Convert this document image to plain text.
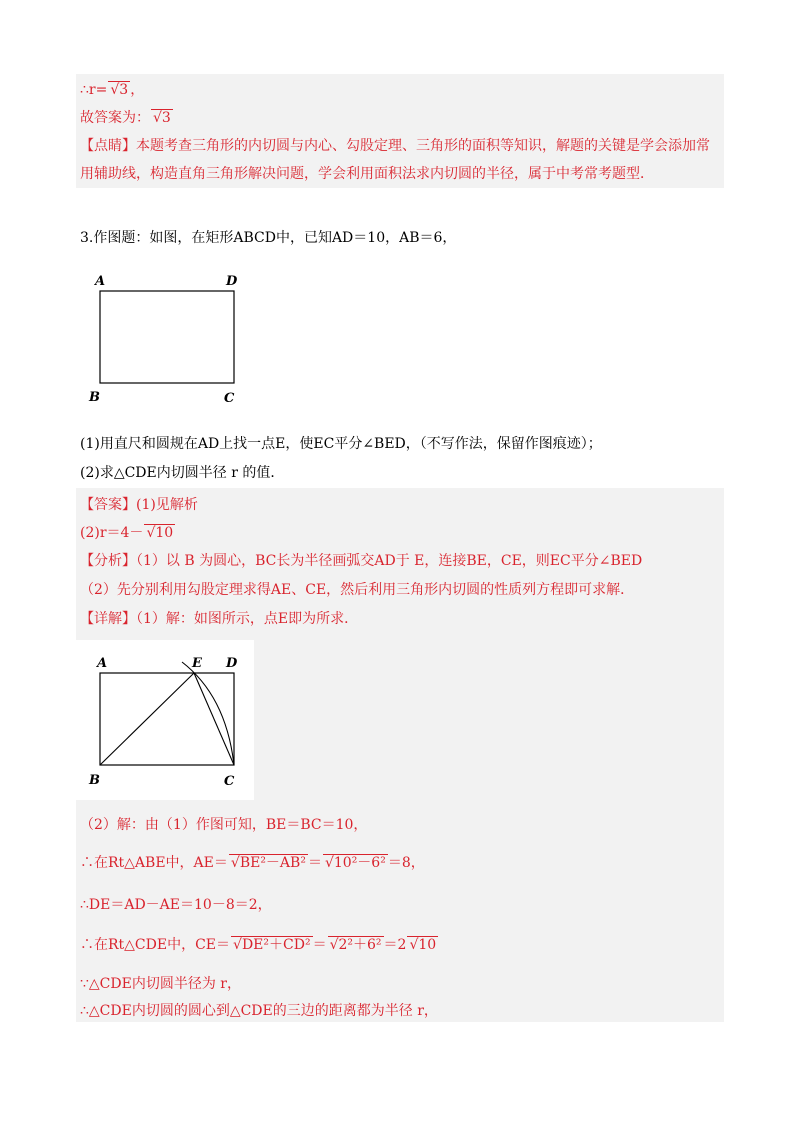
∴r= √3 ，
故答案为： √3
【点睛】本题考查三角形的内切圆与内心、勾股定理、三角形的面积等知识，解题的关键是学会添加常
用辅助线，构造直角三角形解决问题，学会利用面积法求内切圆的半径，属于中考常考题型．
3.作图题：如图，在矩形ABCD中，已知AD＝10，AB＝6，
A	D
B	C
(1)用直尺和圆规在AD上找一点E，使EC平分∠BED，（不写作法，保留作图痕迹）；
(2)求△CDE内切圆半径 r 的值．
【答案】(1)见解析
(2)r＝4－ √10
【分析】（1）以 B 为圆心，BC长为半径画弧交AD于 E，连接BE，CE，则EC平分∠BED
（2）先分别利用勾股定理求得AE、CE，然后利用三角形内切圆的性质列方程即可求解．
【详解】（1）解：如图所示，点E即为所求．
A	E D
B	C
（2）解：由（1）作图可知，BE＝BC＝10，
∴在Rt△ABE中，AE＝ √BE²－AB² ＝ √10²－6² ＝8，
∴DE＝AD－AE＝10－8＝2，
∴在Rt△CDE中，CE＝ √DE²＋CD² ＝ √2²＋6² ＝2 √10
∵△CDE内切圆半径为 r，
∴△CDE内切圆的圆心到△CDE的三边的距离都为半径 r，
